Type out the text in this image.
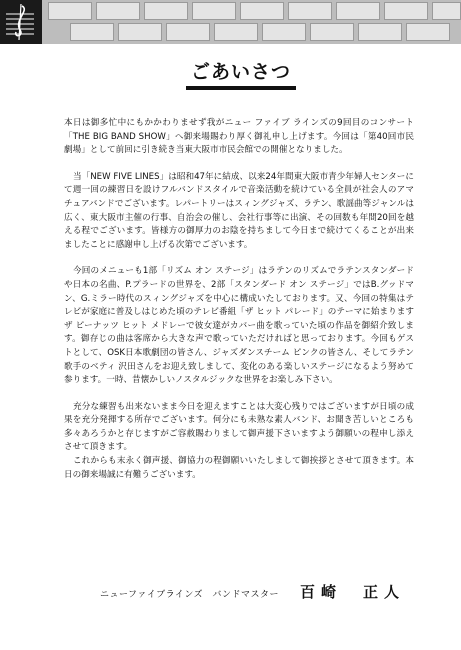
ごあいさつ

本日は御多忙中にもかかわりませず我がニュー ファイブ ラインズの9回目のコンサート「THE BIG BAND SHOW」へ御来場賜わり厚く御礼申し上げます。今回は「第40回市民劇場」として前回に引き続き当東大阪市市民会館での開催となりました。

当「NEW FIVE LINES」は昭和47年に結成、以来24年間東大阪市青少年婦人センターにて週一回の練習日を設けフルバンドスタイルで音楽活動を続けている全員が社会人のアマチュアバンドでございます。レパートリーはスィングジャズ、ラテン、歌謡曲等ジャンルは広く、東大阪市主催の行事、自治会の催し、会社行事等に出演、その回数も年間20回を越える程でございます。皆様方の御厚力のお陰を持ちまして今日まで続けてくることが出来ましたことに感謝申し上げる次第でございます。

今回のメニューも1部「リズム オン ステージ」はラテンのリズムでラテンスタンダードや日本の名曲、P.プラードの世界を、2部「スタンダード オン ステージ」ではB.グッドマン、G.ミラー時代のスィングジャズを中心に構成いたしております。又、今回の特集はテレビが家庭に普及しはじめた頃のテレビ番組「ザ ヒット パレード」のテーマに始まります ザ ピーナッツ ヒット メドレーで彼女達がカバー曲を歌っていた頃の作品を御紹介致します。御存じの曲は客席から大きな声で歌っていただければと思っております。今回もゲストとして、OSK日本歌劇団の皆さん、ジャズダンスチーム ピンクの皆さん、そしてラテン歌手のベティ 沢田さんをお迎え致しまして、変化のある楽しいステージになるよう努めて参ります。一時、昔懐かしいノスタルジックな世界をお楽しみ下さい。

充分な練習も出来ないまま今日を迎えますことは大変心残りではございますが日頃の成果を充分発揮する所存でございます。何分にも未熟な素人バンド、お聞き苦しいところも多々あろうかと存じますがご容赦賜わりまして御声援下さいますよう御願いの程申し添えさせて頂きます。

これからも末永く御声援、御協力の程御願いいたしまして御挨拶とさせて頂きます。本日の御来場誠に有難うございます。

ニューファイブラインズ　バンドマスター 百崎　正人
